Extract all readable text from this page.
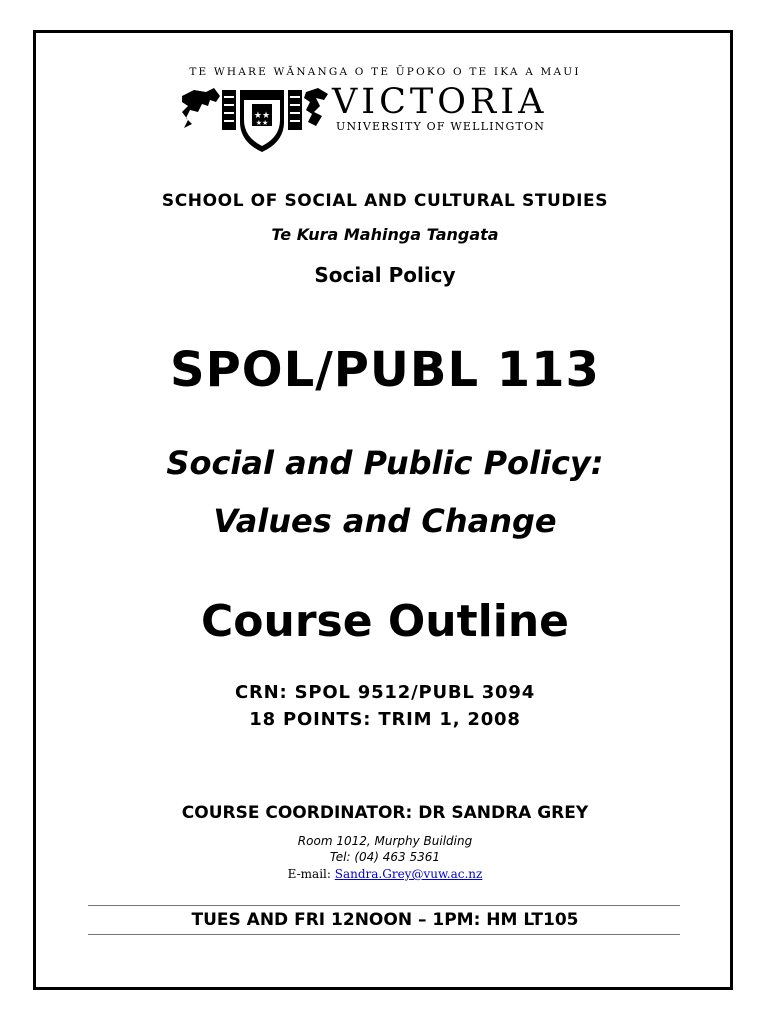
TE WHARE WĀNANGA O TE ŪPOKO O TE IKA A MAUI
★★
★★
VICTORIA
UNIVERSITY OF WELLINGTON
SCHOOL OF SOCIAL AND CULTURAL STUDIES
Te Kura Mahinga Tangata
Social Policy
SPOL/PUBL 113
Social and Public Policy:
Values and Change
Course Outline
CRN: SPOL 9512/PUBL 3094
18 POINTS: TRIM 1, 2008
COURSE COORDINATOR: DR SANDRA GREY
Room 1012, Murphy Building
Tel: (04) 463 5361
E-mail: Sandra.Grey@vuw.ac.nz
TUES AND FRI 12NOON – 1PM: HM LT105
